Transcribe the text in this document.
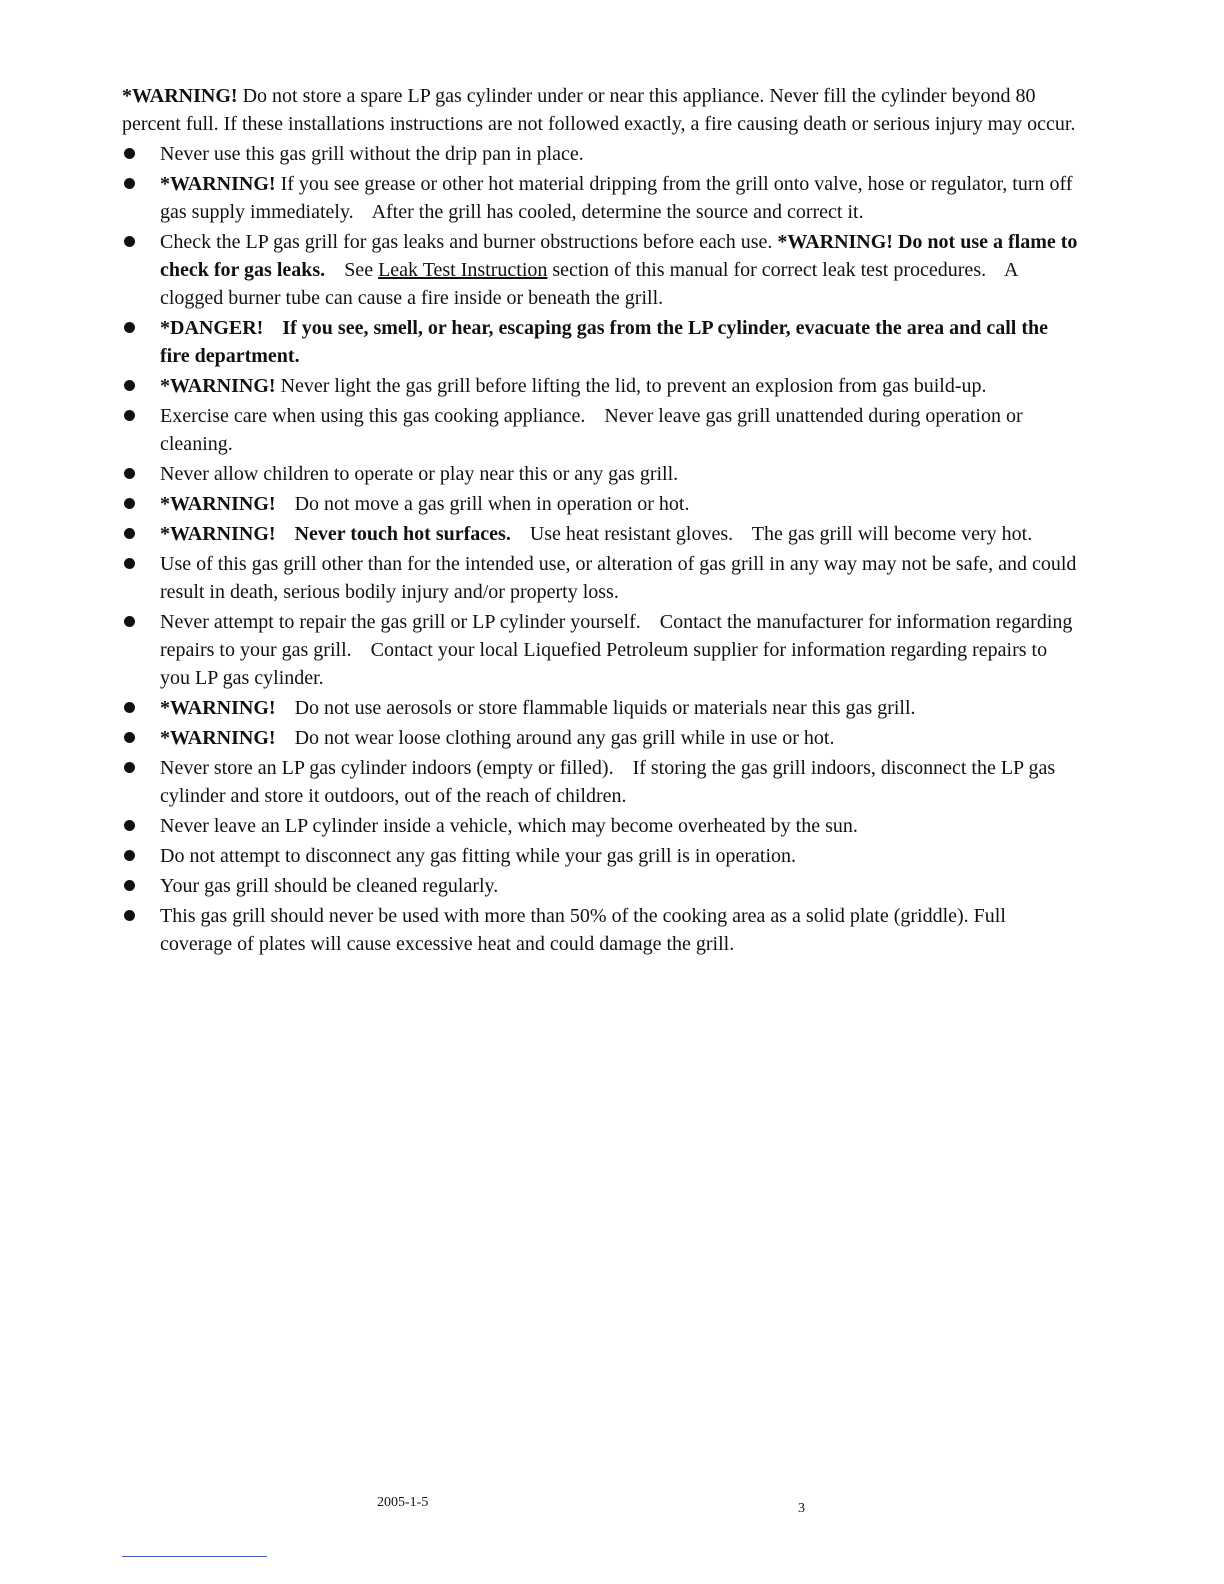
*WARNING! Do not store a spare LP gas cylinder under or near this appliance. Never fill the cylinder beyond 80 percent full. If these installations instructions are not followed exactly, a fire causing death or serious injury may occur.

Never use this gas grill without the drip pan in place.
*WARNING! If you see grease or other hot material dripping from the grill onto valve, hose or regulator, turn off gas supply immediately. After the grill has cooled, determine the source and correct it.
Check the LP gas grill for gas leaks and burner obstructions before each use. *WARNING! Do not use a flame to check for gas leaks. See Leak Test Instruction section of this manual for correct leak test procedures. A clogged burner tube can cause a fire inside or beneath the grill.
*DANGER! If you see, smell, or hear, escaping gas from the LP cylinder, evacuate the area and call the fire department.
*WARNING! Never light the gas grill before lifting the lid, to prevent an explosion from gas build-up.
Exercise care when using this gas cooking appliance. Never leave gas grill unattended during operation or cleaning.
Never allow children to operate or play near this or any gas grill.
*WARNING! Do not move a gas grill when in operation or hot.
*WARNING! Never touch hot surfaces. Use heat resistant gloves. The gas grill will become very hot.
Use of this gas grill other than for the intended use, or alteration of gas grill in any way may not be safe, and could result in death, serious bodily injury and/or property loss.
Never attempt to repair the gas grill or LP cylinder yourself. Contact the manufacturer for information regarding repairs to your gas grill. Contact your local Liquefied Petroleum supplier for information regarding repairs to you LP gas cylinder.
*WARNING! Do not use aerosols or store flammable liquids or materials near this gas grill.
*WARNING! Do not wear loose clothing around any gas grill while in use or hot.
Never store an LP gas cylinder indoors (empty or filled). If storing the gas grill indoors, disconnect the LP gas cylinder and store it outdoors, out of the reach of children.
Never leave an LP cylinder inside a vehicle, which may become overheated by the sun.
Do not attempt to disconnect any gas fitting while your gas grill is in operation.
Your gas grill should be cleaned regularly.
This gas grill should never be used with more than 50% of the cooking area as a solid plate (griddle). Full coverage of plates will cause excessive heat and could damage the grill.
2005-1-5	3
